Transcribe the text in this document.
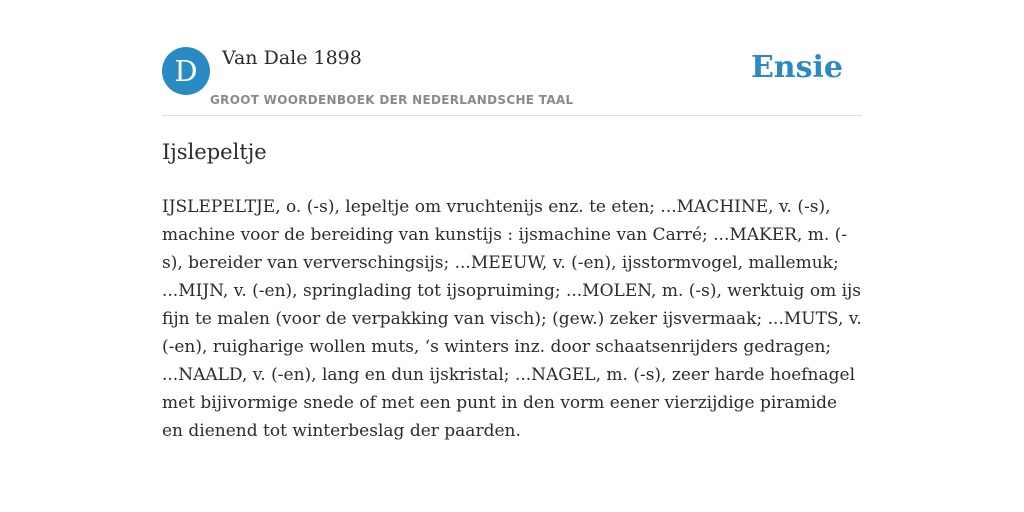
D	Van Dale 1898
GROOT WOORDENBOEK DER NEDERLANDSCHE TAAL
Ensie
Ijslepeltje

IJSLEPELTJE, o. (-s), lepeltje om vruchtenijs enz. te eten; ...MACHINE, v. (-s), machine voor de bereiding van kunstijs : ijsmachine van Carré; ...MAKER, m. (-s), bereider van ververschingsijs; ...MEEUW, v. (-en), ijsstormvogel, mallemuk; ...MIJN, v. (-en), springlading tot ijsopruiming; ...MOLEN, m. (-s), werktuig om ijs fijn te malen (voor de verpakking van visch); (gew.) zeker ijsvermaak; ...MUTS, v. (-en), ruigharige wollen muts, ‘s winters inz. door schaatsenrijders gedragen; ...NAALD, v. (-en), lang en dun ijskristal; ...NAGEL, m. (-s), zeer harde hoefnagel met bijivormige snede of met een punt in den vorm eener vierzijdige piramide en dienend tot winterbeslag der paarden.
